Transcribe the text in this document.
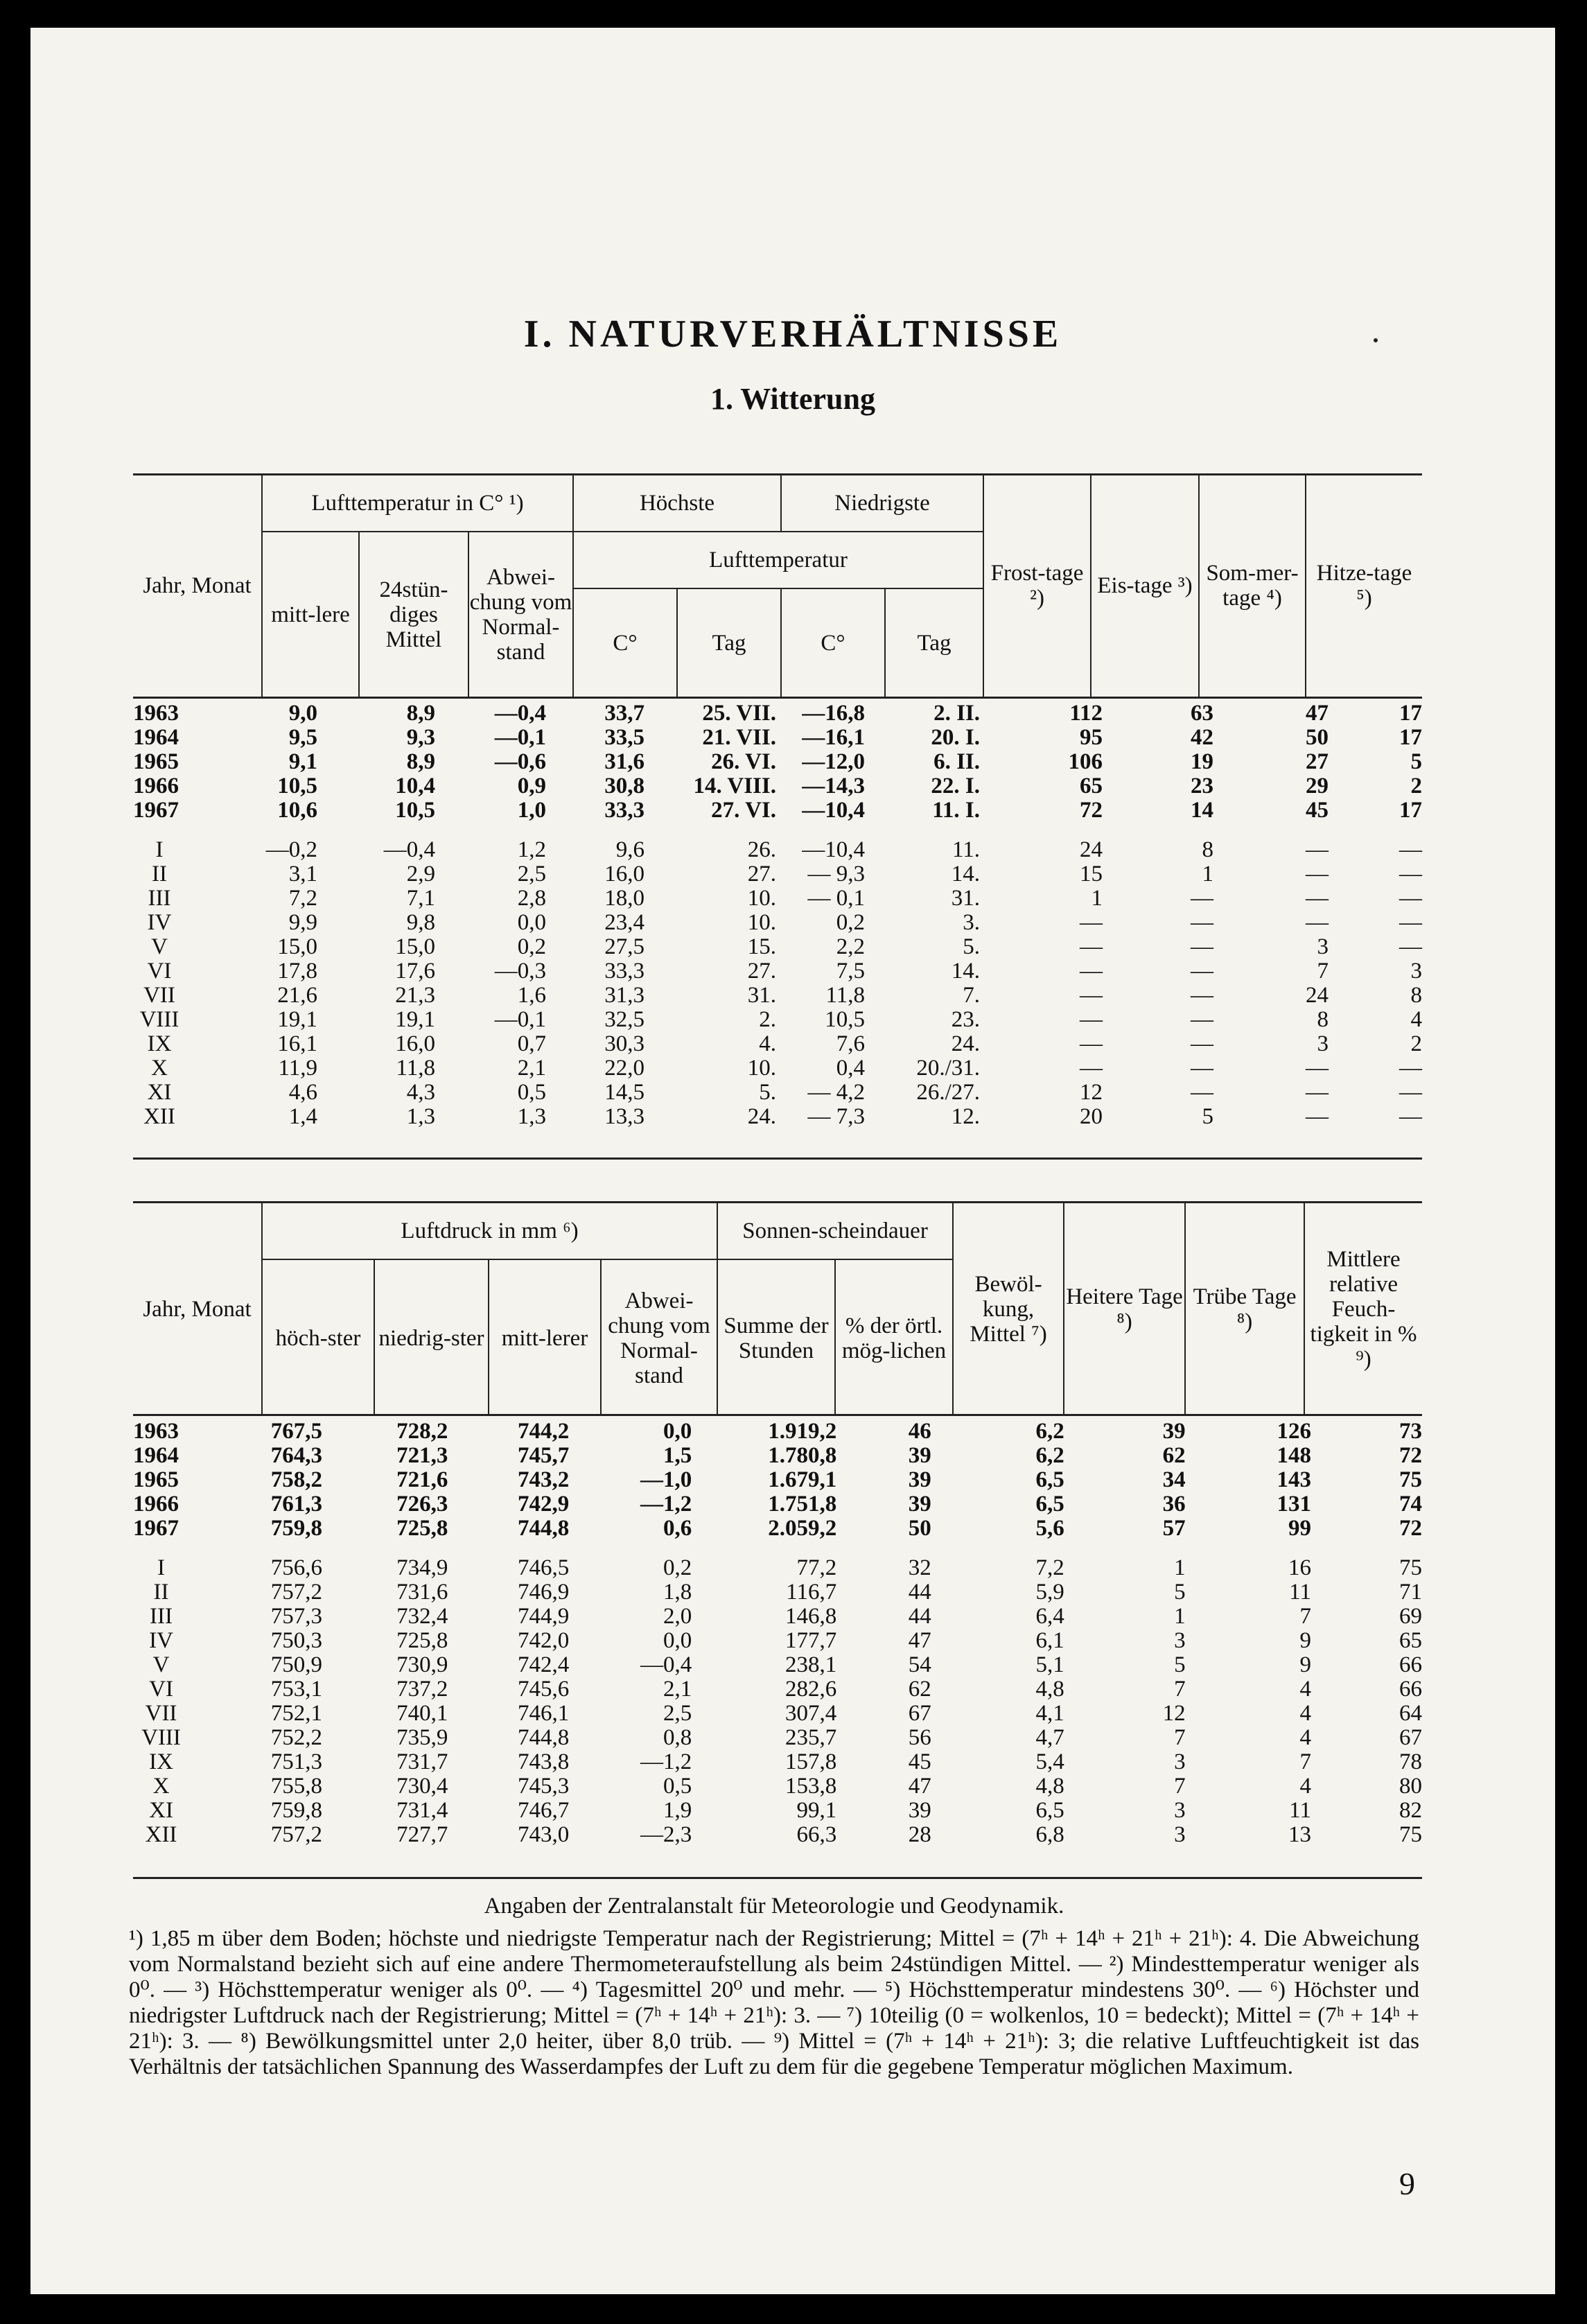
I. NATURVERHÄLTNISSE
1. Witterung
Jahr, Monat	Lufttemperatur in C° ¹)			Höchste		Niedrigste		Frost-tage ²)	Eis-tage ³)	Som-mer-tage ⁴)	Hitze-tage ⁵)
	mitt-lere	24stün-diges Mittel	Abwei-chung vom Normal-stand	Lufttemperatur							
				C°	Tag	C°	Tag				
1963	9,0	8,9	—0,4	33,7	25. VII.	—16,8	2. II.	112	63	47	17
1964	9,5	9,3	—0,1	33,5	21. VII.	—16,1	20. I.	95	42	50	17
1965	9,1	8,9	—0,6	31,6	26. VI.	—12,0	6. II.	106	19	27	5
1966	10,5	10,4	0,9	30,8	14. VIII.	—14,3	22. I.	65	23	29	2
1967	10,6	10,5	1,0	33,3	27. VI.	—10,4	11. I.	72	14	45	17

I	—0,2	—0,4	1,2	9,6	26.	—10,4	11.	24	8	—	—
II	3,1	2,9	2,5	16,0	27.	— 9,3	14.	15	1	—	—
III	7,2	7,1	2,8	18,0	10.	— 0,1	31.	1	—	—	—
IV	9,9	9,8	0,0	23,4	10.	0,2	3.	—	—	—	—
V	15,0	15,0	0,2	27,5	15.	2,2	5.	—	—	3	—
VI	17,8	17,6	—0,3	33,3	27.	7,5	14.	—	—	7	3
VII	21,6	21,3	1,6	31,3	31.	11,8	7.	—	—	24	8
VIII	19,1	19,1	—0,1	32,5	2.	10,5	23.	—	—	8	4
IX	16,1	16,0	0,7	30,3	4.	7,6	24.	—	—	3	2
X	11,9	11,8	2,1	22,0	10.	0,4	20./31.	—	—	—	—
XI	4,6	4,3	0,5	14,5	5.	— 4,2	26./27.	12	—	—	—
XII	1,4	1,3	1,3	13,3	24.	— 7,3	12.	20	5	—	—
Jahr, Monat	Luftdruck in mm ⁶)				Sonnen-scheindauer		Bewöl-kung, Mittel ⁷)	Heitere Tage ⁸)	Trübe Tage ⁸)	Mittlere relative Feuch-tigkeit in % ⁹)
	höch-ster	niedrig-ster	mitt-lerer	Abwei-chung vom Normal-stand	Summe der Stunden	% der örtl. mög-lichen				
1963	767,5	728,2	744,2	0,0	1.919,2	46	6,2	39	126	73
1964	764,3	721,3	745,7	1,5	1.780,8	39	6,2	62	148	72
1965	758,2	721,6	743,2	—1,0	1.679,1	39	6,5	34	143	75
1966	761,3	726,3	742,9	—1,2	1.751,8	39	6,5	36	131	74
1967	759,8	725,8	744,8	0,6	2.059,2	50	5,6	57	99	72

I	756,6	734,9	746,5	0,2	77,2	32	7,2	1	16	75
II	757,2	731,6	746,9	1,8	116,7	44	5,9	5	11	71
III	757,3	732,4	744,9	2,0	146,8	44	6,4	1	7	69
IV	750,3	725,8	742,0	0,0	177,7	47	6,1	3	9	65
V	750,9	730,9	742,4	—0,4	238,1	54	5,1	5	9	66
VI	753,1	737,2	745,6	2,1	282,6	62	4,8	7	4	66
VII	752,1	740,1	746,1	2,5	307,4	67	4,1	12	4	64
VIII	752,2	735,9	744,8	0,8	235,7	56	4,7	7	4	67
IX	751,3	731,7	743,8	—1,2	157,8	45	5,4	3	7	78
X	755,8	730,4	745,3	0,5	153,8	47	4,8	7	4	80
XI	759,8	731,4	746,7	1,9	99,1	39	6,5	3	11	82
XII	757,2	727,7	743,0	—2,3	66,3	28	6,8	3	13	75
Angaben der Zentralanstalt für Meteorologie und Geodynamik.
¹) 1,85 m über dem Boden; höchste und niedrigste Temperatur nach der Registrierung; Mittel = (7ʰ + 14ʰ + 21ʰ + 21ʰ): 4. Die Abweichung vom Normalstand bezieht sich auf eine andere Thermometeraufstellung als beim 24stündigen Mittel. — ²) Mindesttemperatur weniger als 0⁰. — ³) Höchsttemperatur weniger als 0⁰. — ⁴) Tagesmittel 20⁰ und mehr. — ⁵) Höchsttemperatur mindestens 30⁰. — ⁶) Höchster und niedrigster Luftdruck nach der Registrierung; Mittel = (7ʰ + 14ʰ + 21ʰ): 3. — ⁷) 10teilig (0 = wolkenlos, 10 = bedeckt); Mittel = (7ʰ + 14ʰ + 21ʰ): 3. — ⁸) Bewölkungsmittel unter 2,0 heiter, über 8,0 trüb. — ⁹) Mittel = (7ʰ + 14ʰ + 21ʰ): 3; die relative Luftfeuchtigkeit ist das Verhältnis der tatsächlichen Spannung des Wasserdampfes der Luft zu dem für die gegebene Temperatur möglichen Maximum.
9
